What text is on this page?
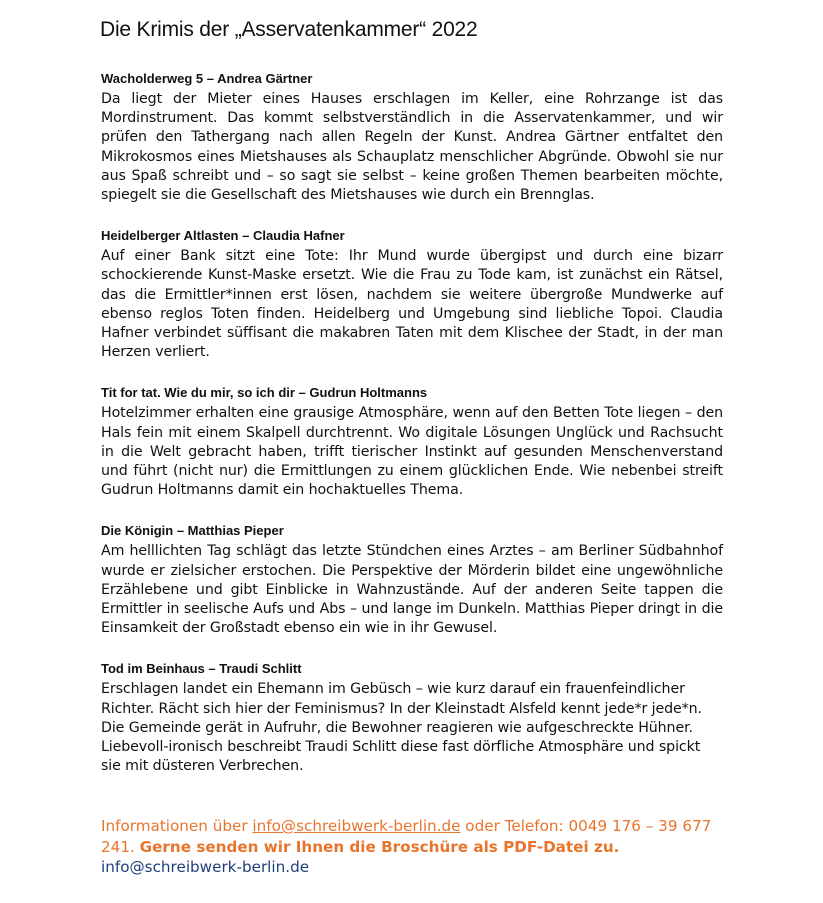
Die Krimis der „Asservatenkammer“ 2022
Wacholderweg 5 – Andrea Gärtner

Da liegt der Mieter eines Hauses erschlagen im Keller, eine Rohrzange ist das Mordinstrument. Das kommt selbstverständlich in die Asservatenkammer, und wir prüfen den Tathergang nach allen Regeln der Kunst. Andrea Gärtner entfaltet den Mikrokosmos eines Mietshauses als Schauplatz menschlicher Abgründe. Obwohl sie nur aus Spaß schreibt und – so sagt sie selbst – keine großen Themen bearbeiten möchte, spiegelt sie die Gesellschaft des Mietshauses wie durch ein Brennglas.

Heidelberger Altlasten – Claudia Hafner

Auf einer Bank sitzt eine Tote: Ihr Mund wurde übergipst und durch eine bizarr schockierende Kunst-Maske ersetzt. Wie die Frau zu Tode kam, ist zunächst ein Rätsel, das die Ermittler*innen erst lösen, nachdem sie weitere übergroße Mundwerke auf ebenso reglos Toten finden. Heidelberg und Umgebung sind liebliche Topoi. Claudia Hafner verbindet süffisant die makabren Taten mit dem Klischee der Stadt, in der man Herzen verliert.

Tit for tat. Wie du mir, so ich dir – Gudrun Holtmanns

Hotelzimmer erhalten eine grausige Atmosphäre, wenn auf den Betten Tote liegen – den Hals fein mit einem Skalpell durchtrennt. Wo digitale Lösungen Unglück und Rachsucht in die Welt gebracht haben, trifft tierischer Instinkt auf gesunden Menschenverstand und führt (nicht nur) die Ermittlungen zu einem glücklichen Ende. Wie nebenbei streift Gudrun Holtmanns damit ein hochaktuelles Thema.

Die Königin – Matthias Pieper

Am helllichten Tag schlägt das letzte Stündchen eines Arztes – am Berliner Südbahnhof wurde er zielsicher erstochen. Die Perspektive der Mörderin bildet eine ungewöhnliche Erzählebene und gibt Einblicke in Wahnzustände. Auf der anderen Seite tappen die Ermittler in seelische Aufs und Abs – und lange im Dunkeln. Matthias Pieper dringt in die Einsamkeit der Großstadt ebenso ein wie in ihr Gewusel.

Tod im Beinhaus – Traudi Schlitt

Erschlagen landet ein Ehemann im Gebüsch – wie kurz darauf ein frauenfeindlicher Richter. Rächt sich hier der Feminismus? In der Kleinstadt Alsfeld kennt jede*r jede*n. Die Gemeinde gerät in Aufruhr, die Bewohner reagieren wie aufgeschreckte Hühner. Liebevoll-ironisch beschreibt Traudi Schlitt diese fast dörfliche Atmosphäre und spickt sie mit düsteren Verbrechen.

Informationen über info@schreibwerk-berlin.de oder Telefon: 0049 176 – 39 677 241. Gerne senden wir Ihnen die Broschüre als PDF-Datei zu. info@schreibwerk-berlin.de
